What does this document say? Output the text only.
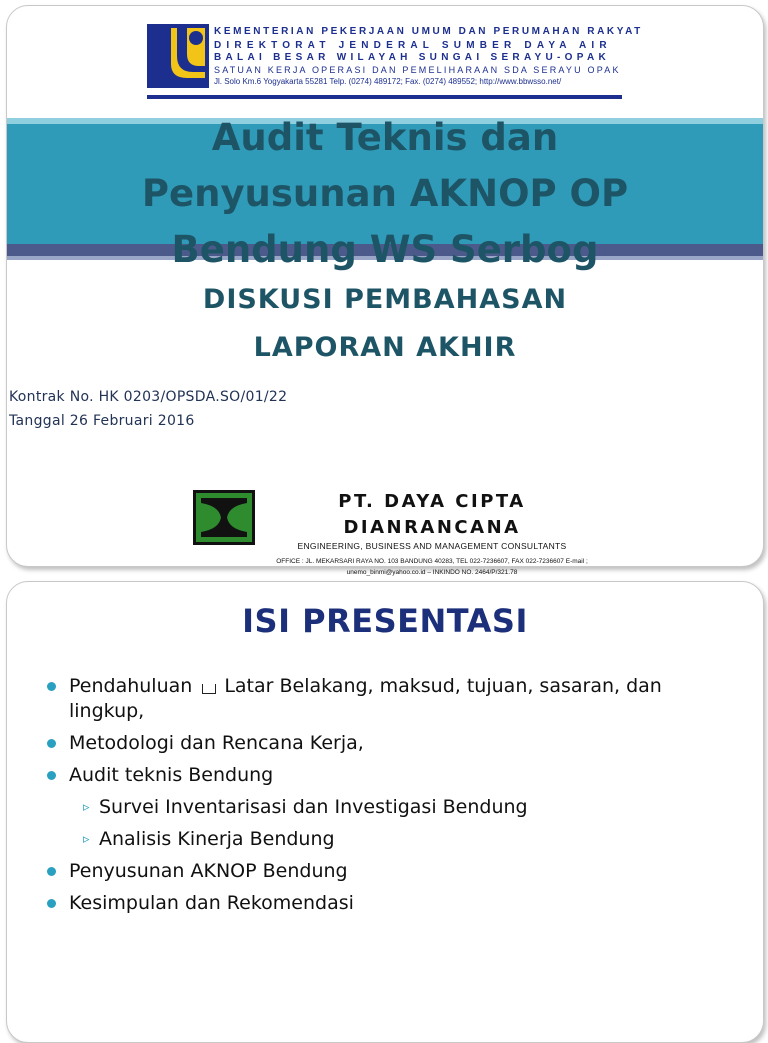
KEMENTERIAN PEKERJAAN UMUM DAN PERUMAHAN RAKYAT
DIREKTORAT JENDERAL SUMBER DAYA AIR
BALAI BESAR WILAYAH SUNGAI SERAYU-OPAK
SATUAN KERJA OPERASI DAN PEMELIHARAAN SDA SERAYU OPAK
Jl. Solo Km.6 Yogyakarta 55281 Telp. (0274) 489172; Fax. (0274) 489552; http://www.bbwsso.net/
Audit Teknis dan
Penyusunan AKNOP OP
Bendung WS Serbog
DISKUSI PEMBAHASAN
LAPORAN AKHIR
Kontrak No. HK 0203/OPSDA.SO/01/22
Tanggal 26 Februari 2016
PT. DAYA CIPTA
DIANRANCANA
ENGINEERING, BUSINESS AND MANAGEMENT CONSULTANTS
OFFICE : JL. MEKARSARI RAYA NO. 103 BANDUNG 40283, TEL 022-7236607, FAX 022-7236607 E-mail ;
unemo_binmi@yahoo.co.id – INKINDO NO. 2464/P/321.78
ISI PRESENTASI
Pendahuluan Latar Belakang, maksud, tujuan, sasaran, dan lingkup,
Metodologi dan Rencana Kerja,
Audit teknis Bendung
▹ Survei Inventarisasi dan Investigasi Bendung
▹ Analisis Kinerja Bendung
Penyusunan AKNOP Bendung
Kesimpulan dan Rekomendasi
